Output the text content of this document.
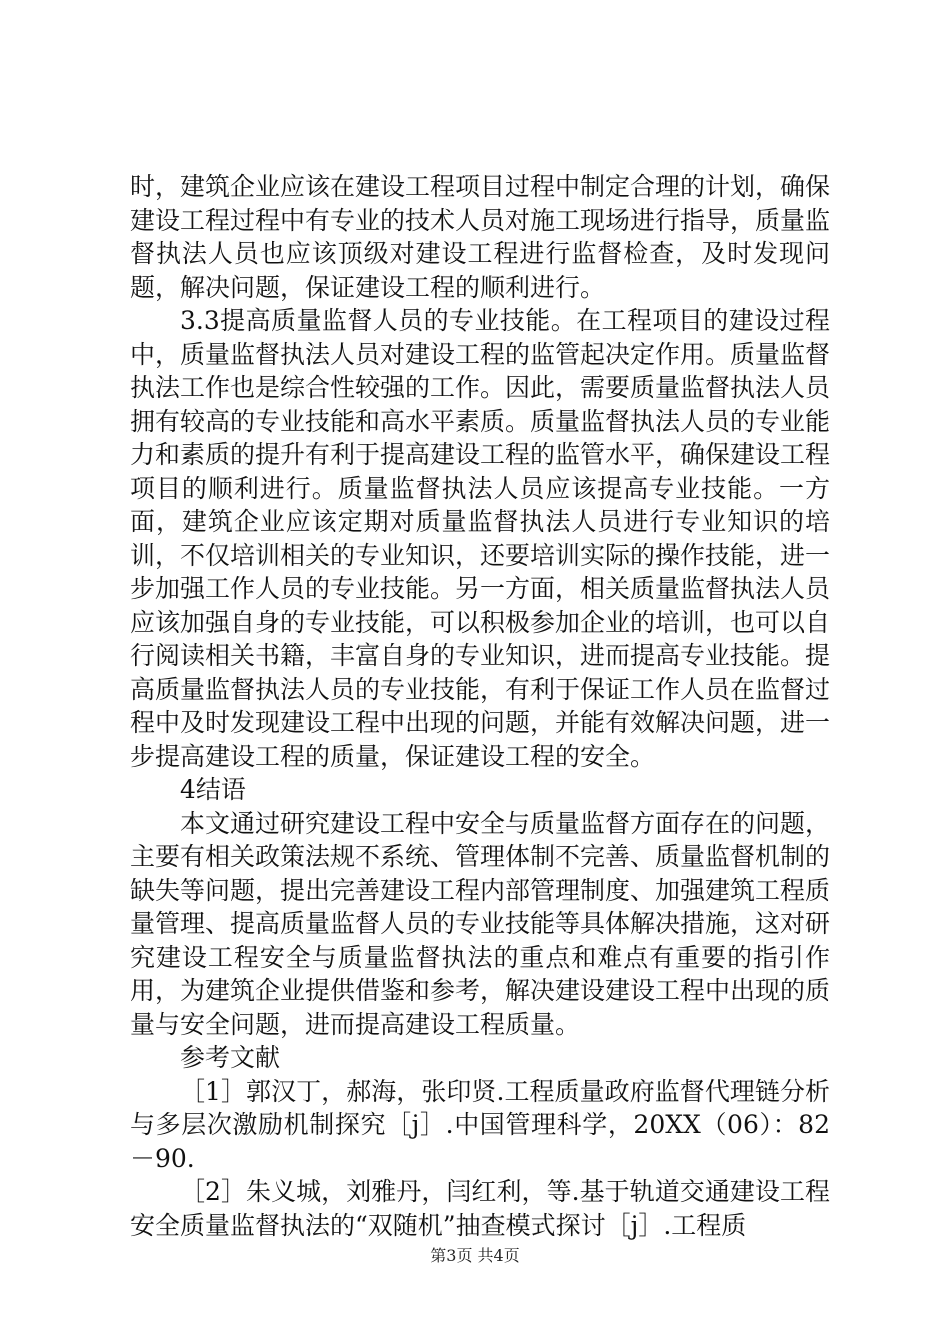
时，建筑企业应该在建设工程项目过程中制定合理的计划，确保建设工程过程中有专业的技术人员对施工现场进行指导，质量监督执法人员也应该顶级对建设工程进行监督检查，及时发现问题，解决问题，保证建设工程的顺利进行。

3.3提高质量监督人员的专业技能。在工程项目的建设过程中，质量监督执法人员对建设工程的监管起决定作用。质量监督执法工作也是综合性较强的工作。因此，需要质量监督执法人员拥有较高的专业技能和高水平素质。质量监督执法人员的专业能力和素质的提升有利于提高建设工程的监管水平，确保建设工程项目的顺利进行。质量监督执法人员应该提高专业技能。一方面，建筑企业应该定期对质量监督执法人员进行专业知识的培训，不仅培训相关的专业知识，还要培训实际的操作技能，进一步加强工作人员的专业技能。另一方面，相关质量监督执法人员应该加强自身的专业技能，可以积极参加企业的培训，也可以自行阅读相关书籍，丰富自身的专业知识，进而提高专业技能。提高质量监督执法人员的专业技能，有利于保证工作人员在监督过程中及时发现建设工程中出现的问题，并能有效解决问题，进一步提高建设工程的质量，保证建设工程的安全。

4结语

本文通过研究建设工程中安全与质量监督方面存在的问题，主要有相关政策法规不系统、管理体制不完善、质量监督机制的缺失等问题，提出完善建设工程内部管理制度、加强建筑工程质量管理、提高质量监督人员的专业技能等具体解决措施，这对研究建设工程安全与质量监督执法的重点和难点有重要的指引作用，为建筑企业提供借鉴和参考，解决建设建设工程中出现的质量与安全问题，进而提高建设工程质量。

参考文献

［1］郭汉丁，郝海，张印贤.工程质量政府监督代理链分析与多层次激励机制探究［j］.中国管理科学，20XX（06）：82－90.

［2］朱义城，刘雅丹，闫红利，等.基于轨道交通建设工程安全质量监督执法的“双随机”抽查模式探讨［j］.工程质

第3页 共4页
